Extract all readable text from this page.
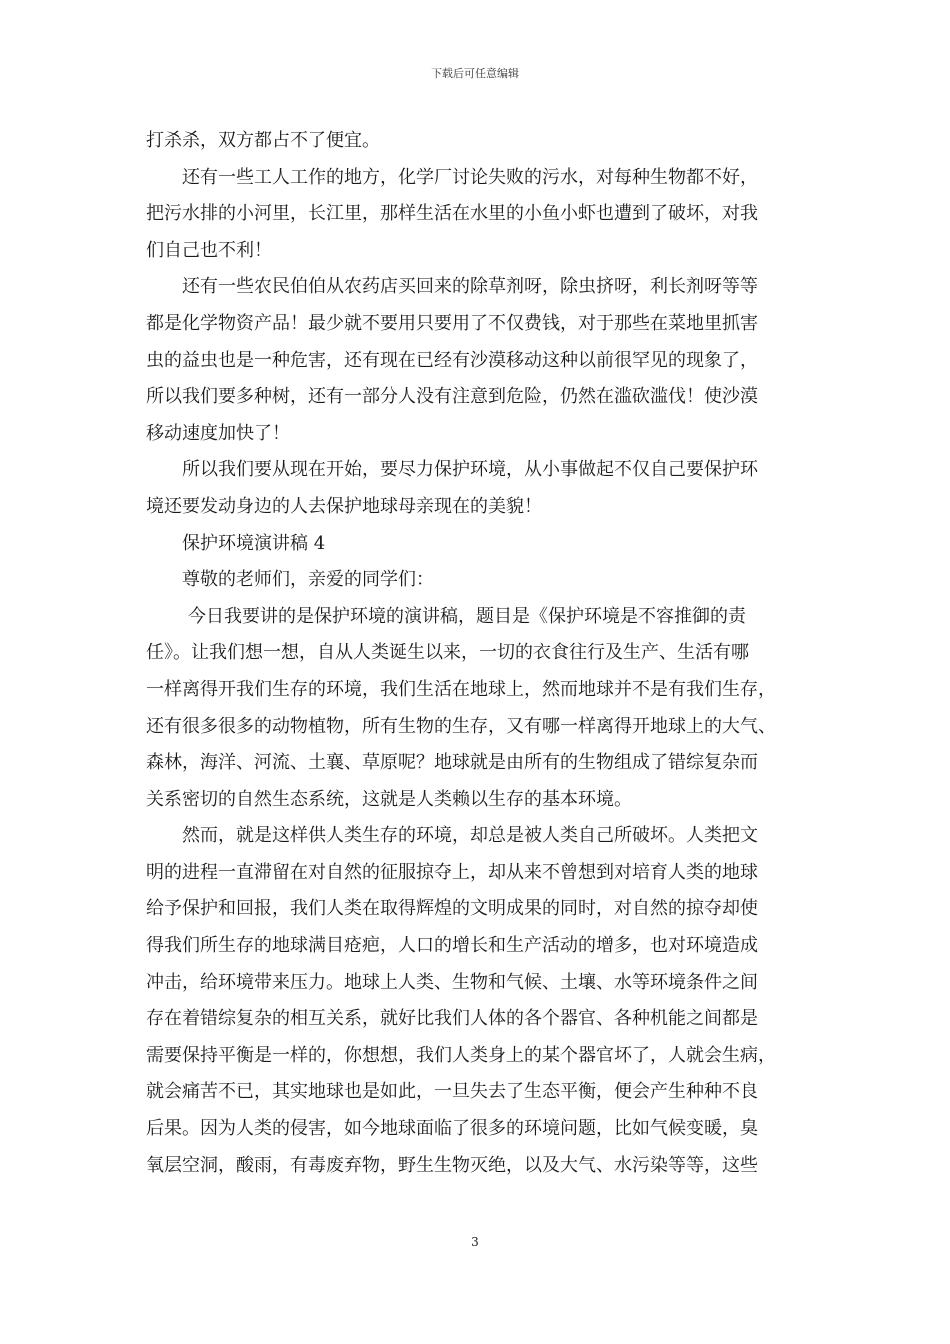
下载后可任意编辑
打杀杀，双方都占不了便宜。
还有一些工人工作的地方，化学厂讨论失败的污水，对每种生物都不好，
把污水排的小河里，长江里，那样生活在水里的小鱼小虾也遭到了破坏，对我
们自己也不利！
还有一些农民伯伯从农药店买回来的除草剂呀，除虫挤呀，利长剂呀等等
都是化学物资产品！最少就不要用只要用了不仅费钱，对于那些在菜地里抓害
虫的益虫也是一种危害，还有现在已经有沙漠移动这种以前很罕见的现象了，
所以我们要多种树，还有一部分人没有注意到危险，仍然在滥砍滥伐！使沙漠
移动速度加快了！
所以我们要从现在开始，要尽力保护环境，从小事做起不仅自己要保护环
境还要发动身边的人去保护地球母亲现在的美貌！
保护环境演讲稿 4
尊敬的老师们，亲爱的同学们：
今日我要讲的是保护环境的演讲稿，题目是《保护环境是不容推御的责
任》。让我们想一想，自从人类诞生以来，一切的衣食往行及生产、生活有哪
一样离得开我们生存的环境，我们生活在地球上，然而地球并不是有我们生存，
还有很多很多的动物植物，所有生物的生存，又有哪一样离得开地球上的大气、
森林，海洋、河流、土襄、草原呢？地球就是由所有的生物组成了错综复杂而
关系密切的自然生态系统，这就是人类赖以生存的基本环境。
然而，就是这样供人类生存的环境，却总是被人类自己所破坏。人类把文
明的进程一直滞留在对自然的征服掠夺上，却从来不曾想到对培育人类的地球
给予保护和回报，我们人类在取得辉煌的文明成果的同时，对自然的掠夺却使
得我们所生存的地球满目疮疤，人口的增长和生产活动的增多，也对环境造成
冲击，给环境带来压力。地球上人类、生物和气候、土壤、水等环境条件之间
存在着错综复杂的相互关系，就好比我们人体的各个器官、各种机能之间都是
需要保持平衡是一样的，你想想，我们人类身上的某个器官坏了，人就会生病，
就会痛苦不已，其实地球也是如此，一旦失去了生态平衡，便会产生种种不良
后果。因为人类的侵害，如今地球面临了很多的环境问题，比如气候变暖，臭
氧层空洞，酸雨，有毒废弃物，野生生物灭绝，以及大气、水污染等等，这些
3
